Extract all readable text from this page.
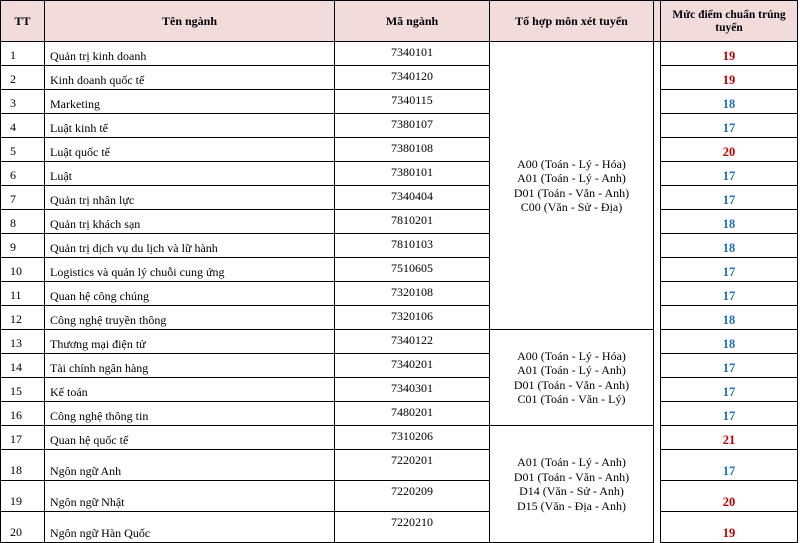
TT	Tên ngành	Mã ngành	Tổ hợp môn xét tuyển		Mức điểm chuẩn trúng tuyển
1	Quản trị kinh doanh	7340101	A00 (Toán - Lý - Hóa)
A01 (Toán - Lý - Anh)
D01 (Toán - Văn - Anh)
C00 (Văn - Sử - Địa)		19
2	Kinh doanh quốc tế	7340120			19
3	Marketing	7340115			18
4	Luật kinh tế	7380107			17
5	Luật quốc tế	7380108			20
6	Luật	7380101			17
7	Quản trị nhân lực	7340404			17
8	Quản trị khách sạn	7810201			18
9	Quản trị dịch vụ du lịch và lữ hành	7810103			18
10	Logistics và quản lý chuỗi cung ứng	7510605			17
11	Quan hệ công chúng	7320108			17
12	Công nghệ truyền thông	7320106			18
13	Thương mại điện tử	7340122	A00 (Toán - Lý - Hóa)
A01 (Toán - Lý - Anh)
D01 (Toán - Văn - Anh)
C01 (Toán - Văn - Lý)		18
14	Tài chính ngân hàng	7340201			17
15	Kế toán	7340301			17
16	Công nghệ thông tin	7480201			17
17	Quan hệ quốc tế	7310206	A01 (Toán - Lý - Anh)
D01 (Toán - Văn - Anh)
D14 (Văn - Sử - Anh)
D15 (Văn - Địa - Anh)		21
18	Ngôn ngữ Anh	7220201			17
19	Ngôn ngữ Nhật	7220209			20
20	Ngôn ngữ Hàn Quốc	7220210			19
